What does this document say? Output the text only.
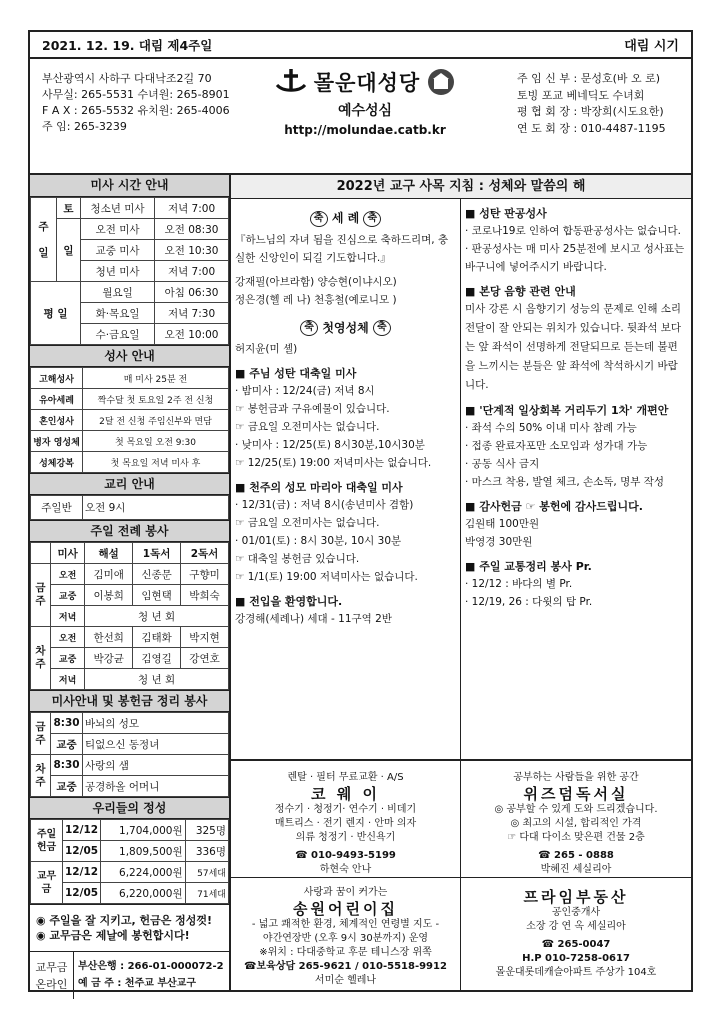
2021. 12. 19. 대림 제4주일	대림 시기
부산광역시 사하구 다대낙조2길 70
사무실: 265-5531 수녀원: 265-8901
F A X : 265-5532 유치원: 265-4006
주 임: 265-3239
몰운대성당
예수성심
http://molundae.catb.kr
주 임 신 부 : 문성호(바 오 로)
토빙 포교 베네딕도 수녀회
평 협 회 장 : 박장희(시도요한)
연 도 회 장 : 010-4487-1195
미사 시간 안내
주
일	토	청소년 미사	저녁 7:00
	일	오전 미사	오전 08:30
		교중 미사	오전 10:30
		청년 미사	저녁 7:00
평 일		월요일	아침 06:30
		화·목요일	저녁 7:30
		수·금요일	오전 10:00
성사 안내
고해성사	매 미사 25분 전
유아세례	짝수달 첫 토요일 2주 전 신청
혼인성사	2달 전 신청 주임신부와 면담
병자 영성체	첫 목요일 오전 9:30
성체강복	첫 목요일 저녁 미사 후
교리 안내
주일반	오전 9시
주일 전례 봉사
	미사	해설	1독서	2독서
금주	오전	김미애	신종문	구향미
	교중	이봉희	임현택	박희숙
	저녁	청 년 회		
차주	오전	한선희	김태화	박지현
	교중	박강균	김영길	강연호
	저녁	청 년 회		
미사안내 및 봉헌금 정리 봉사
금주	8:30	바뇌의 성모
	교중	티없으신 동정녀
차주	8:30	사랑의 샘
	교중	공경하올 어머니
우리들의 정성
주일헌금	12/12	1,704,000원	325명
	12/05	1,809,500원	336명
교무금	12/12	6,224,000원	57세대
	12/05	6,220,000원	71세대
◉ 주일을 잘 지키고, 헌금은 정성껏!
◉ 교무금은 제날에 봉헌합시다!
교무금 온라인
부산은행 : 266-01-000072-2
예 금 주 : 천주교 부산교구
2022년 교구 사목 지침 : 성체와 말씀의 해
축 세 례 축
『하느님의 자녀 됨을 진심으로 축하드리며, 충실한 신앙인이 되길 기도합니다.』
강재필(아브라함) 양승현(이냐시오)
정은경(헬 레 나) 천흥철(예로니모 )
축 첫영성체 축
허지윤(미 셸)
■ 주님 성탄 대축일 미사
· 밤미사 : 12/24(금) 저녁 8시
☞ 봉헌금과 구유예물이 있습니다.
☞ 금요일 오전미사는 없습니다.
· 낮미사 : 12/25(토) 8시30분,10시30분
☞ 12/25(토) 19:00 저녁미사는 없습니다.
■ 천주의 성모 마리아 대축일 미사
· 12/31(금) : 저녁 8시(송년미사 겸함)
☞ 금요일 오전미사는 없습니다.
· 01/01(토) : 8시 30분, 10시 30분
☞ 대축일 봉헌금 있습니다.
☞ 1/1(토) 19:00 저녁미사는 없습니다.
■ 전입을 환영합니다.
강경해(세례나) 세대 - 11구역 2반
■ 성탄 판공성사
· 코로나19로 인하여 합동판공성사는 없습니다.
· 판공성사는 매 미사 25분전에 보시고 성사표는 바구니에 넣어주시기 바랍니다.
■ 본당 음향 관련 안내
미사 강론 시 음향기기 성능의 문제로 인해 소리 전달이 잘 안되는 위치가 있습니다. 뒷좌석 보다는 앞 좌석이 선명하게 전달되므로 듣는데 불편을 느끼시는 분들은 앞 좌석에 착석하시기 바랍니다.
■ '단계적 일상회복 거리두기 1차' 개편안
· 좌석 수의 50% 이내 미사 참례 가능
· 접종 완료자포만 소모임과 성가대 가능
· 공동 식사 금지
· 마스크 착용, 발열 체크, 손소독, 명부 작성
■ 감사헌금 ☞ 봉헌에 감사드립니다.
김원태 100만원
박영경 30만원
■ 주일 교통정리 봉사 Pr.
· 12/12 : 바다의 별 Pr.
· 12/19, 26 : 다윗의 탑 Pr.
렌탈 · 필터 무료교환 · A/S
코 웨 이
정수기 · 청정기· 연수기 · 비데기
매트리스 · 전기 렌지 · 안마 의자
의류 청정기 · 반신욕기
☎ 010-9493-5199
하현숙 안나
공부하는 사람들을 위한 공간
위즈덤독서실
◎ 공부할 수 있게 도와 드리겠습니다.
◎ 최고의 시설, 합리적인 가격
☞ 다대 다이소 맞은편 건물 2층
☎ 265 - 0888
박혜진 세실리아
사랑과 꿈이 커가는
송원어린이집
- 넓고 쾌적한 환경, 체계적인 연령별 지도 -
야간연장반 (오후 9시 30분까지) 운영
※위치 : 다대중학교 후문 테니스장 위쪽
☎보육상담 265-9621 / 010-5518-9912
서미순 헬레나
프라임부동산
공인중개사
소장 강 연 옥 세실리아
☎ 265-0047
H.P 010-7258-0617
몰운대롯데캐슬아파트 주상가 104호
